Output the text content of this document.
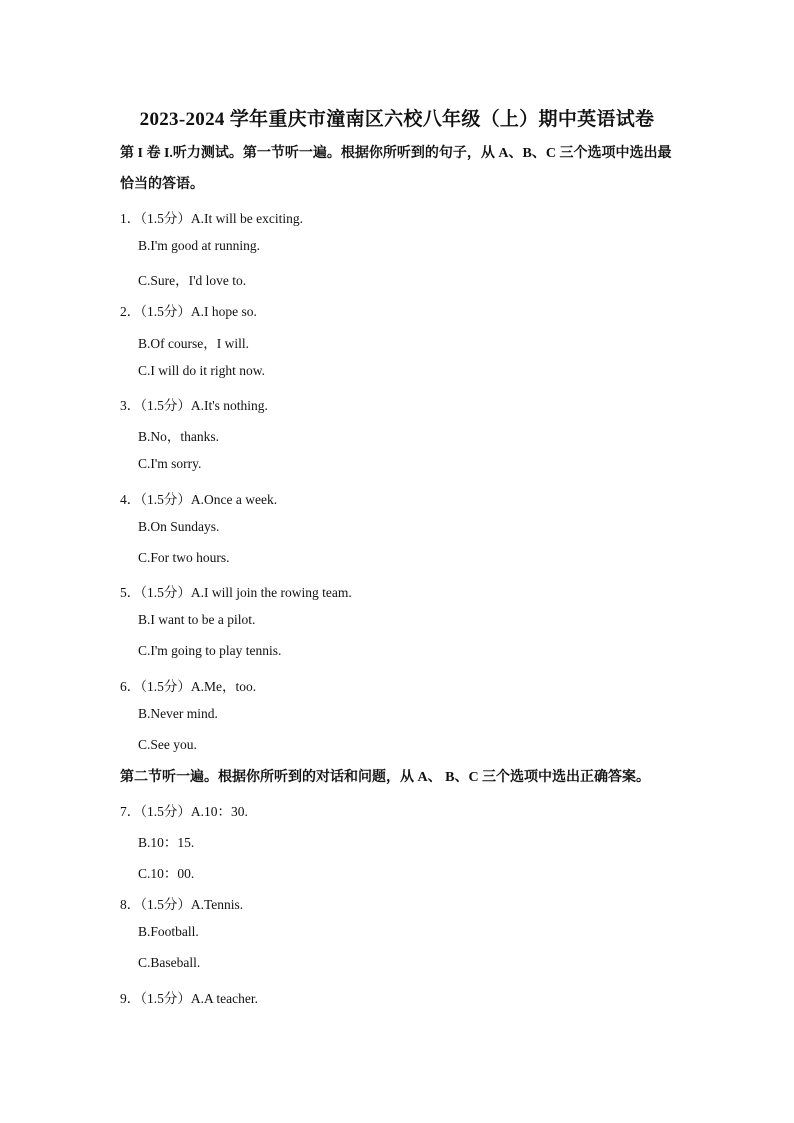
2023-2024 学年重庆市潼南区六校八年级（上）期中英语试卷
第 I 卷 I.听力测试。第一节听一遍。根据你所听到的句子，从 A、B、C 三个选项中选出最
恰当的答语。
1．（1.5分）A.It will be exciting.
B.I'm good at running.
C.Sure，I'd love to.
2．（1.5分）A.I hope so.
B.Of course，I will.
C.I will do it right now.
3．（1.5分）A.It's nothing.
B.No，thanks.
C.I'm sorry.
4．（1.5分）A.Once a week.
B.On Sundays.
C.For two hours.
5．（1.5分）A.I will join the rowing team.
B.I want to be a pilot.
C.I'm going to play tennis.
6．（1.5分）A.Me，too.
B.Never mind.
C.See you.
第二节听一遍。根据你所听到的对话和问题，从 A、 B、C 三个选项中选出正确答案。
7．（1.5分）A.10：30.
B.10：15.
C.10：00.
8．（1.5分）A.Tennis.
B.Football.
C.Baseball.
9．（1.5分）A.A teacher.
